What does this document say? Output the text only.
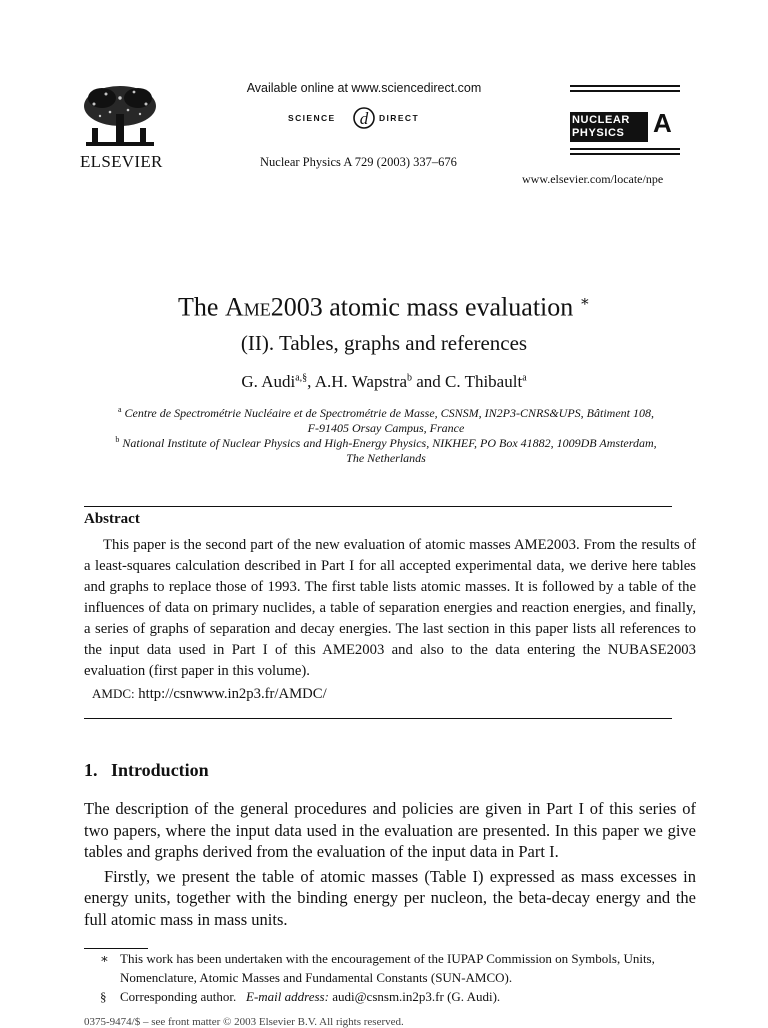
ELSEVIER
Available online at www.sciencedirect.com
SCIENCE d DIRECT
Nuclear Physics A 729 (2003) 337–676
NUCLEAR
PHYSICS	A
www.elsevier.com/locate/npe
The Ame2003 atomic mass evaluation ∗
(II). Tables, graphs and references
G. Audi$^{a,\S}$, A.H. Wapstra$^b$ and C. Thibault$^a$
$^a$ Centre de Spectrométrie Nucléaire et de Spectrométrie de Masse, CSNSM, IN2P3-CNRS&UPS, Bâtiment 108,
F-91405 Orsay Campus, France
$^b$ National Institute of Nuclear Physics and High-Energy Physics, NIKHEF, PO Box 41882, 1009DB Amsterdam,
The Netherlands
Abstract

This paper is the second part of the new evaluation of atomic masses AME2003. From the results of a least-squares calculation described in Part I for all accepted experimental data, we derive here tables and graphs to replace those of 1993. The first table lists atomic masses. It is followed by a table of the influences of data on primary nuclides, a table of separation energies and reaction energies, and finally, a series of graphs of separation and decay energies. The last section in this paper lists all references to the input data used in Part I of this AME2003 and also to the data entering the NUBASE2003 evaluation (first paper in this volume).

AMDC: http://csnwww.in2p3.fr/AMDC/
1. Introduction

The description of the general procedures and policies are given in Part I of this series of two papers, where the input data used in the evaluation are presented. In this paper we give tables and graphs derived from the evaluation of the input data in Part I.

Firstly, we present the table of atomic masses (Table I) expressed as mass excesses in energy units, together with the binding energy per nucleon, the beta-decay energy and the full atomic mass in mass units.

∗ This work has been undertaken with the encouragement of the IUPAP Commission on Symbols, Units, Nomenclature, Atomic Masses and Fundamental Constants (SUN-AMCO).
§ Corresponding author. E-mail address: audi@csnsm.in2p3.fr (G. Audi).
0375-9474/$ – see front matter © 2003 Elsevier B.V. All rights reserved.
